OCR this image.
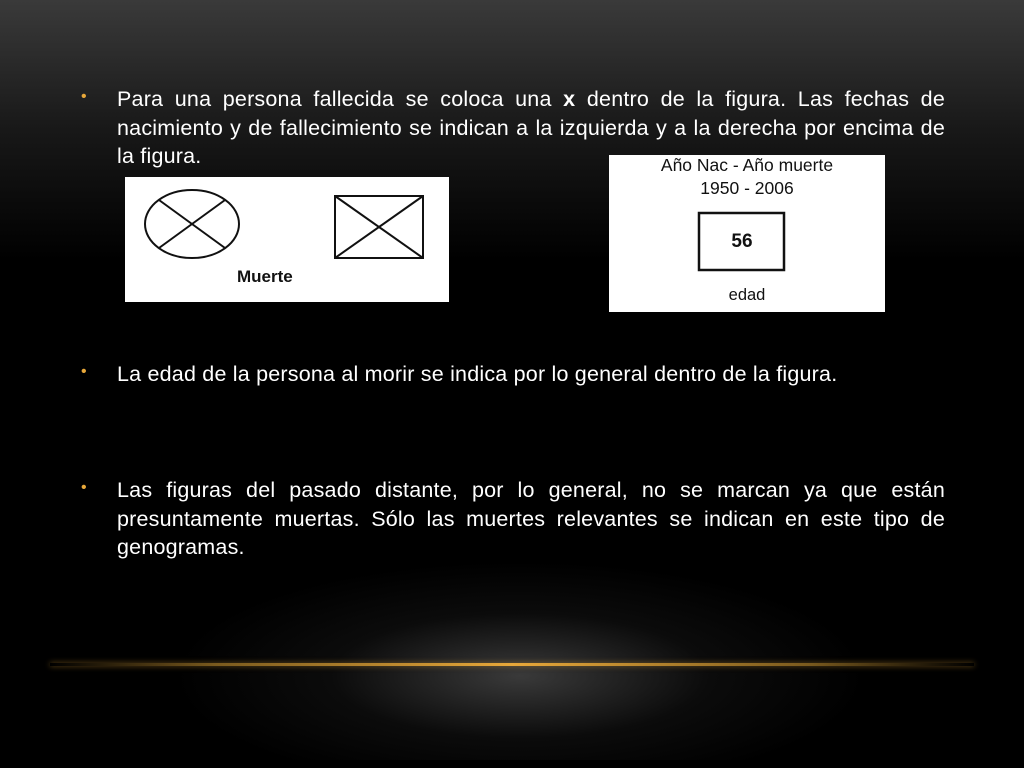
• Para una persona fallecida se coloca una x dentro de la figura. Las fechas de nacimiento y de fallecimiento se indican a la izquierda y a la derecha por encima de la figura.
Muerte
Año Nac - Año muerte
1950 - 2006
56
edad
• La edad de la persona al morir se indica por lo general dentro de la figura.
• Las figuras del pasado distante, por lo general, no se marcan ya que están presuntamente muertas. Sólo las muertes relevantes se indican en este tipo de genogramas.
